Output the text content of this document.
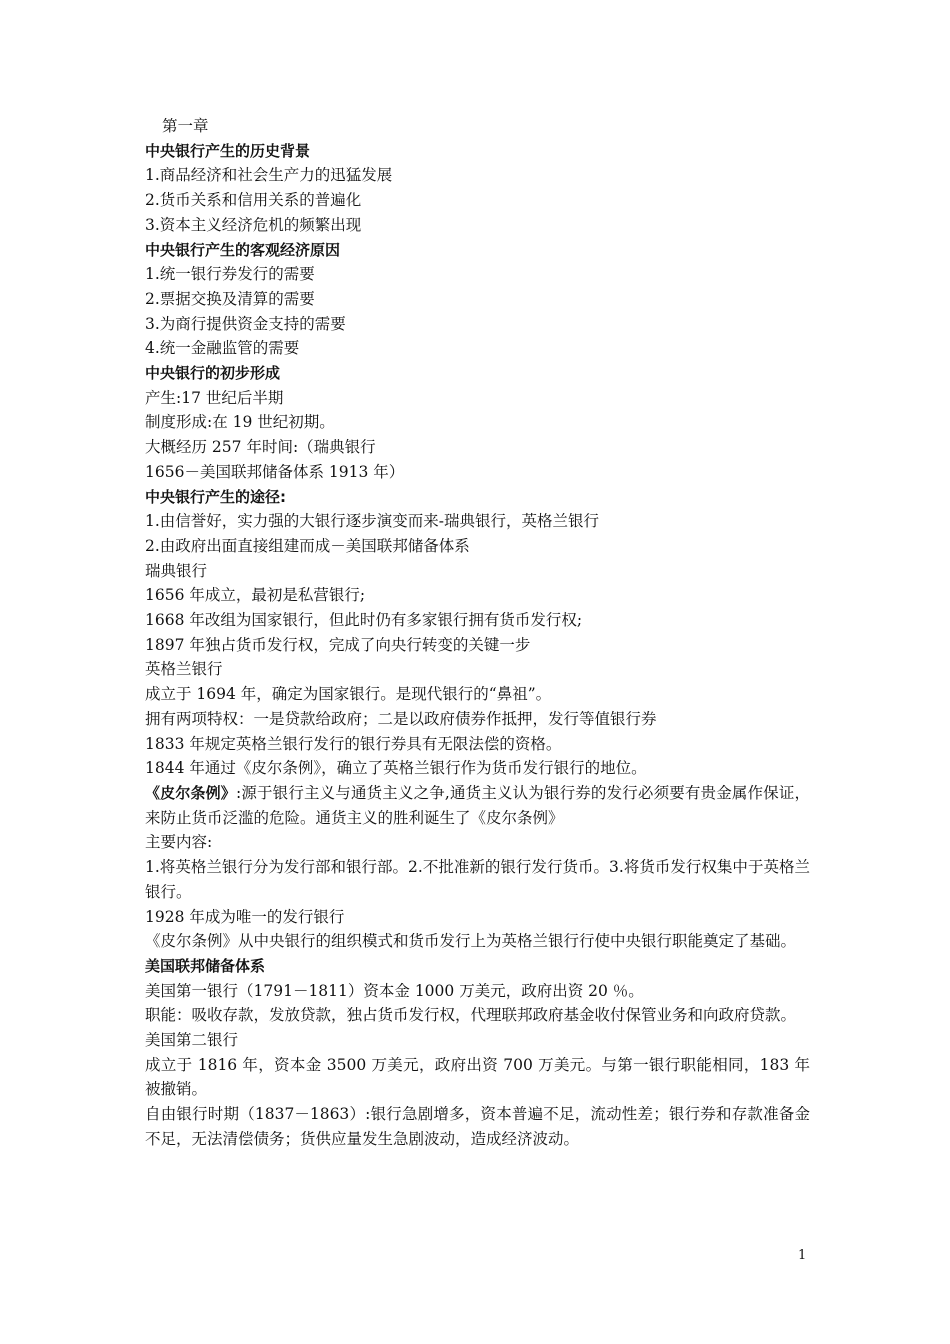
第一章
中央银行产生的历史背景
1.商品经济和社会生产力的迅猛发展
2.货币关系和信用关系的普遍化
3.资本主义经济危机的频繁出现
中央银行产生的客观经济原因
1.统一银行券发行的需要
2.票据交换及清算的需要
3.为商行提供资金支持的需要
4.统一金融监管的需要
中央银行的初步形成
产生:17 世纪后半期
制度形成:在 19 世纪初期。
大概经历 257 年时间:（瑞典银行
1656－美国联邦储备体系 1913 年）
中央银行产生的途径:
1.由信誉好，实力强的大银行逐步演变而来-瑞典银行，英格兰银行
2.由政府出面直接组建而成－美国联邦储备体系
瑞典银行
1656 年成立，最初是私营银行;
1668 年改组为国家银行，但此时仍有多家银行拥有货币发行权;
1897 年独占货币发行权，完成了向央行转变的关键一步
英格兰银行
成立于 1694 年，确定为国家银行。是现代银行的“鼻祖”。
拥有两项特权：一是贷款给政府；二是以政府债券作抵押，发行等值银行券
1833 年规定英格兰银行发行的银行券具有无限法偿的资格。
1844 年通过《皮尔条例》，确立了英格兰银行作为货币发行银行的地位。
《皮尔条例》:源于银行主义与通货主义之争,通货主义认为银行券的发行必须要有贵金属作保证，来防止货币泛滥的危险。通货主义的胜利诞生了《皮尔条例》
主要内容:
1.将英格兰银行分为发行部和银行部。2.不批准新的银行发行货币。3.将货币发行权集中于英格兰银行。
1928 年成为唯一的发行银行
《皮尔条例》从中央银行的组织模式和货币发行上为英格兰银行行使中央银行职能奠定了基础。
美国联邦储备体系
美国第一银行（1791－1811）资本金 1000 万美元，政府出资 20 ％。
职能：吸收存款，发放贷款，独占货币发行权，代理联邦政府基金收付保管业务和向政府贷款。
美国第二银行
成立于 1816 年，资本金 3500 万美元，政府出资 700 万美元。与第一银行职能相同，183 年被撤销。
自由银行时期（1837－1863）:银行急剧增多，资本普遍不足，流动性差；银行券和存款准备金不足，无法清偿债务；货供应量发生急剧波动，造成经济波动。
1
